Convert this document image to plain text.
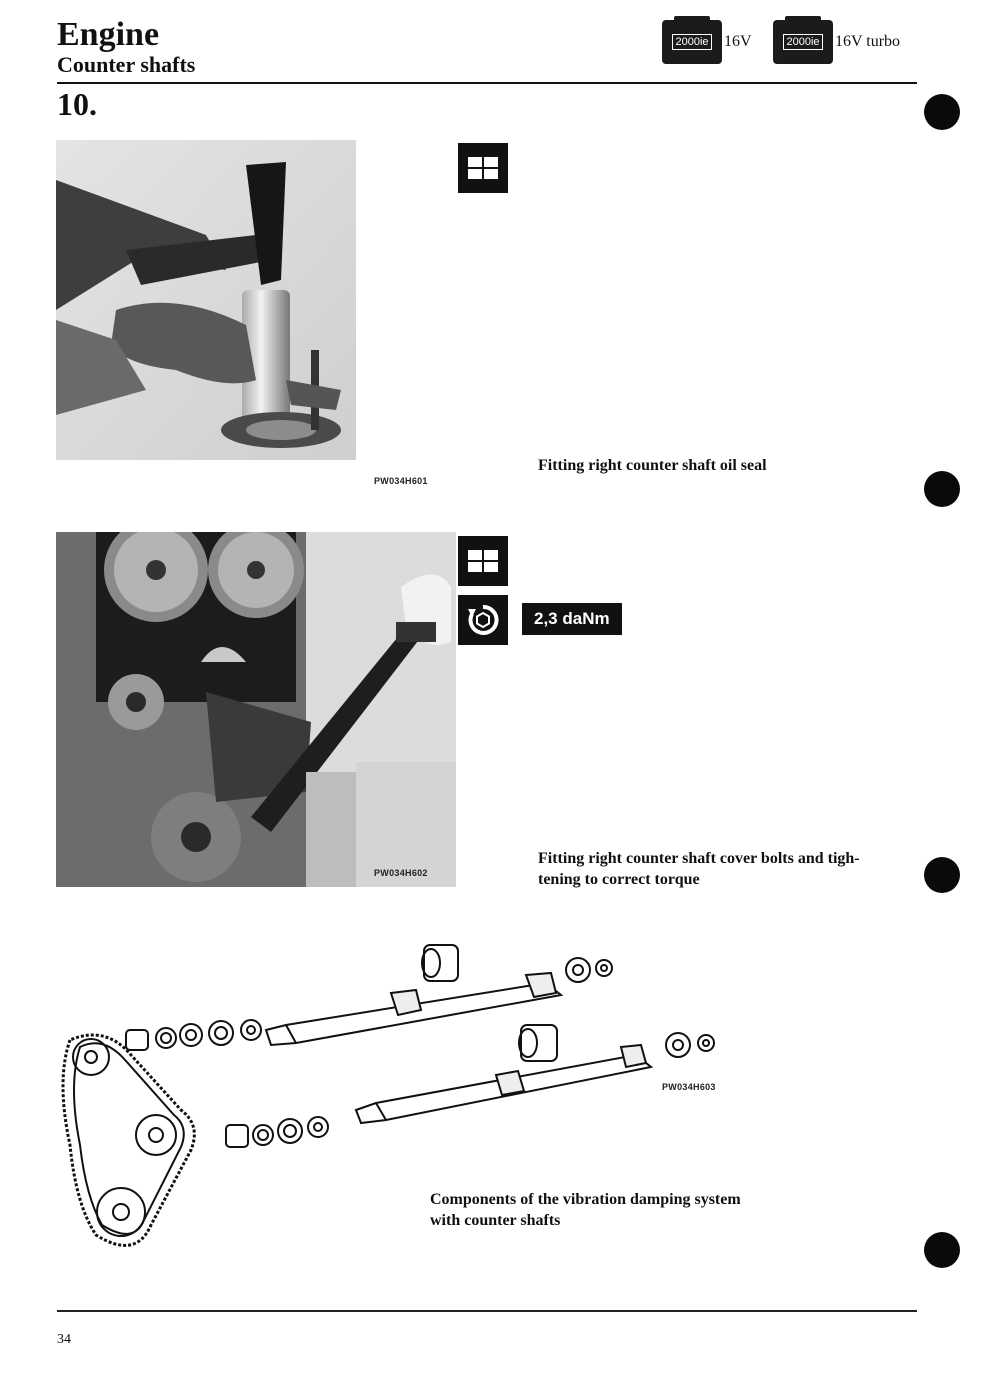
Engine
Counter shafts
2000ie 16V	2000ie 16V turbo
10.
PW034H601
Fitting right counter shaft oil seal
PW034H602
2,3 daNm
Fitting right counter shaft cover bolts and tigh-
tening to correct torque
PW034H603
Components of the vibration damping system
with counter shafts
34
